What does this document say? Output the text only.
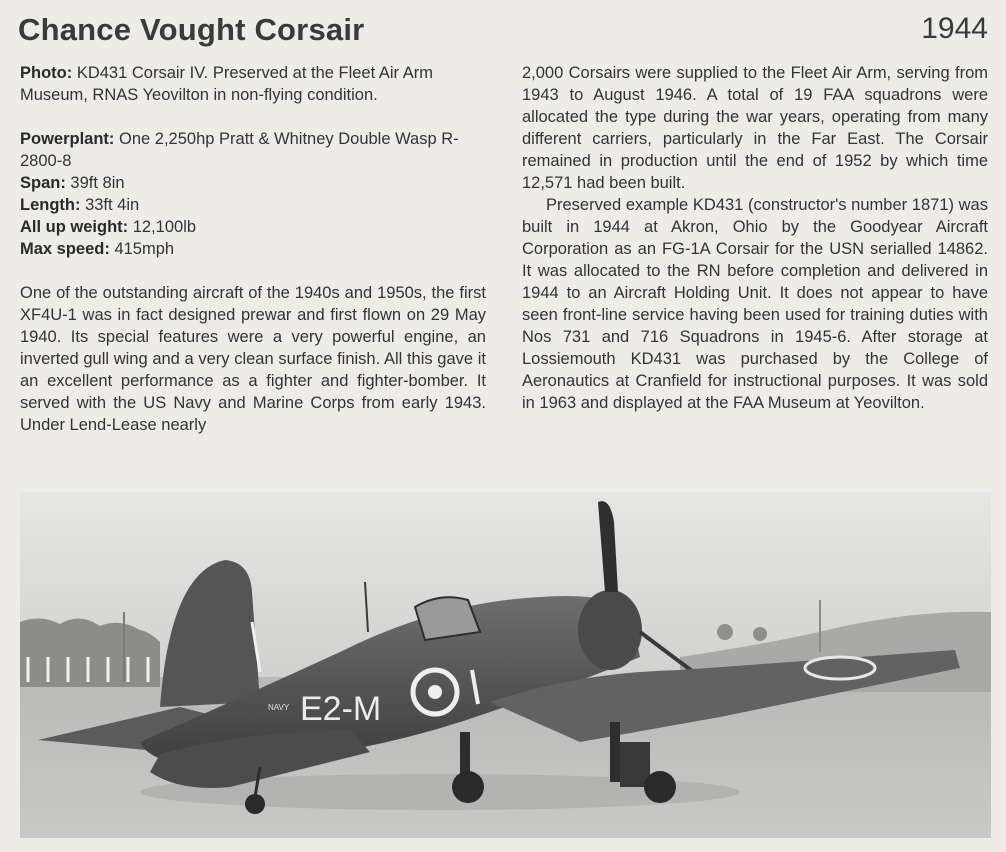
Chance Vought Corsair	1944

Photo: KD431 Corsair IV. Preserved at the Fleet Air Arm Museum, RNAS Yeovilton in non-flying condition.

Powerplant: One 2,250hp Pratt & Whitney Double Wasp R-2800-8
Span: 39ft 8in
Length: 33ft 4in
All up weight: 12,100lb
Max speed: 415mph

One of the outstanding aircraft of the 1940s and 1950s, the first XF4U-1 was in fact designed prewar and first flown on 29 May 1940. Its special features were a very powerful engine, an inverted gull wing and a very clean surface finish. All this gave it an excellent performance as a fighter and fighter-bomber. It served with the US Navy and Marine Corps from early 1943. Under Lend-Lease nearly

2,000 Corsairs were supplied to the Fleet Air Arm, serving from 1943 to August 1946. A total of 19 FAA squadrons were allocated the type during the war years, operating from many different carriers, particularly in the Far East. The Corsair remained in production until the end of 1952 by which time 12,571 had been built.

Preserved example KD431 (constructor's number 1871) was built in 1944 at Akron, Ohio by the Goodyear Aircraft Corporation as an FG-1A Corsair for the USN serialled 14862. It was allocated to the RN before completion and delivered in 1944 to an Aircraft Holding Unit. It does not appear to have seen front-line service having been used for training duties with Nos 731 and 716 Squadrons in 1945-6. After storage at Lossiemouth KD431 was purchased by the College of Aeronautics at Cranfield for instructional purposes. It was sold in 1963 and displayed at the FAA Museum at Yeovilton.

E2-M
NAVY
